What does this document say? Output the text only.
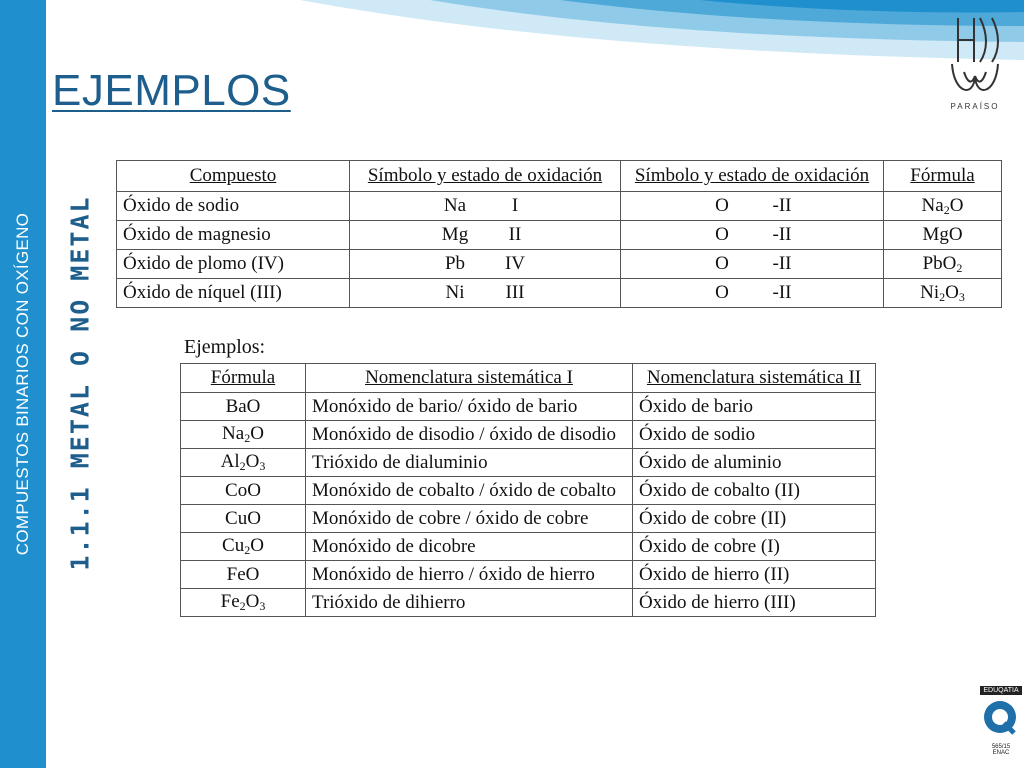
COMPUESTOS BINARIOS CON OXÍGENO
EJEMPLOS
1.1.1 METAL O NO METAL
PARAÍSO
Compuesto	Símbolo y estado de oxidación	Símbolo y estado de oxidación	Fórmula
Óxido de sodio	Na I	O -II	$Na_2O$
Óxido de magnesio	Mg II	O -II	MgO
Óxido de plomo (IV)	Pb IV	O -II	PbO$_2$
Óxido de níquel (III)	Ni III	O -II	$Ni_2O_3$
Ejemplos:
Fórmula	Nomenclatura sistemática I	Nomenclatura sistemática II
BaO	Monóxido de bario/ óxido de bario	Óxido de bario
$Na_2O$	Monóxido de disodio / óxido de disodio	Óxido de sodio
$Al_2O_3$	Trióxido de dialuminio	Óxido de aluminio
CoO	Monóxido de cobalto / óxido de cobalto	Óxido de cobalto (II)
CuO	Monóxido de cobre / óxido de cobre	Óxido de cobre (II)
$Cu_2O$	Monóxido de dicobre	Óxido de cobre (I)
FeO	Monóxido de hierro / óxido de hierro	Óxido de hierro (II)
$Fe_2O_3$	Trióxido de dihierro	Óxido de hierro (III)
EDUQATIA
565/15
ENAC
